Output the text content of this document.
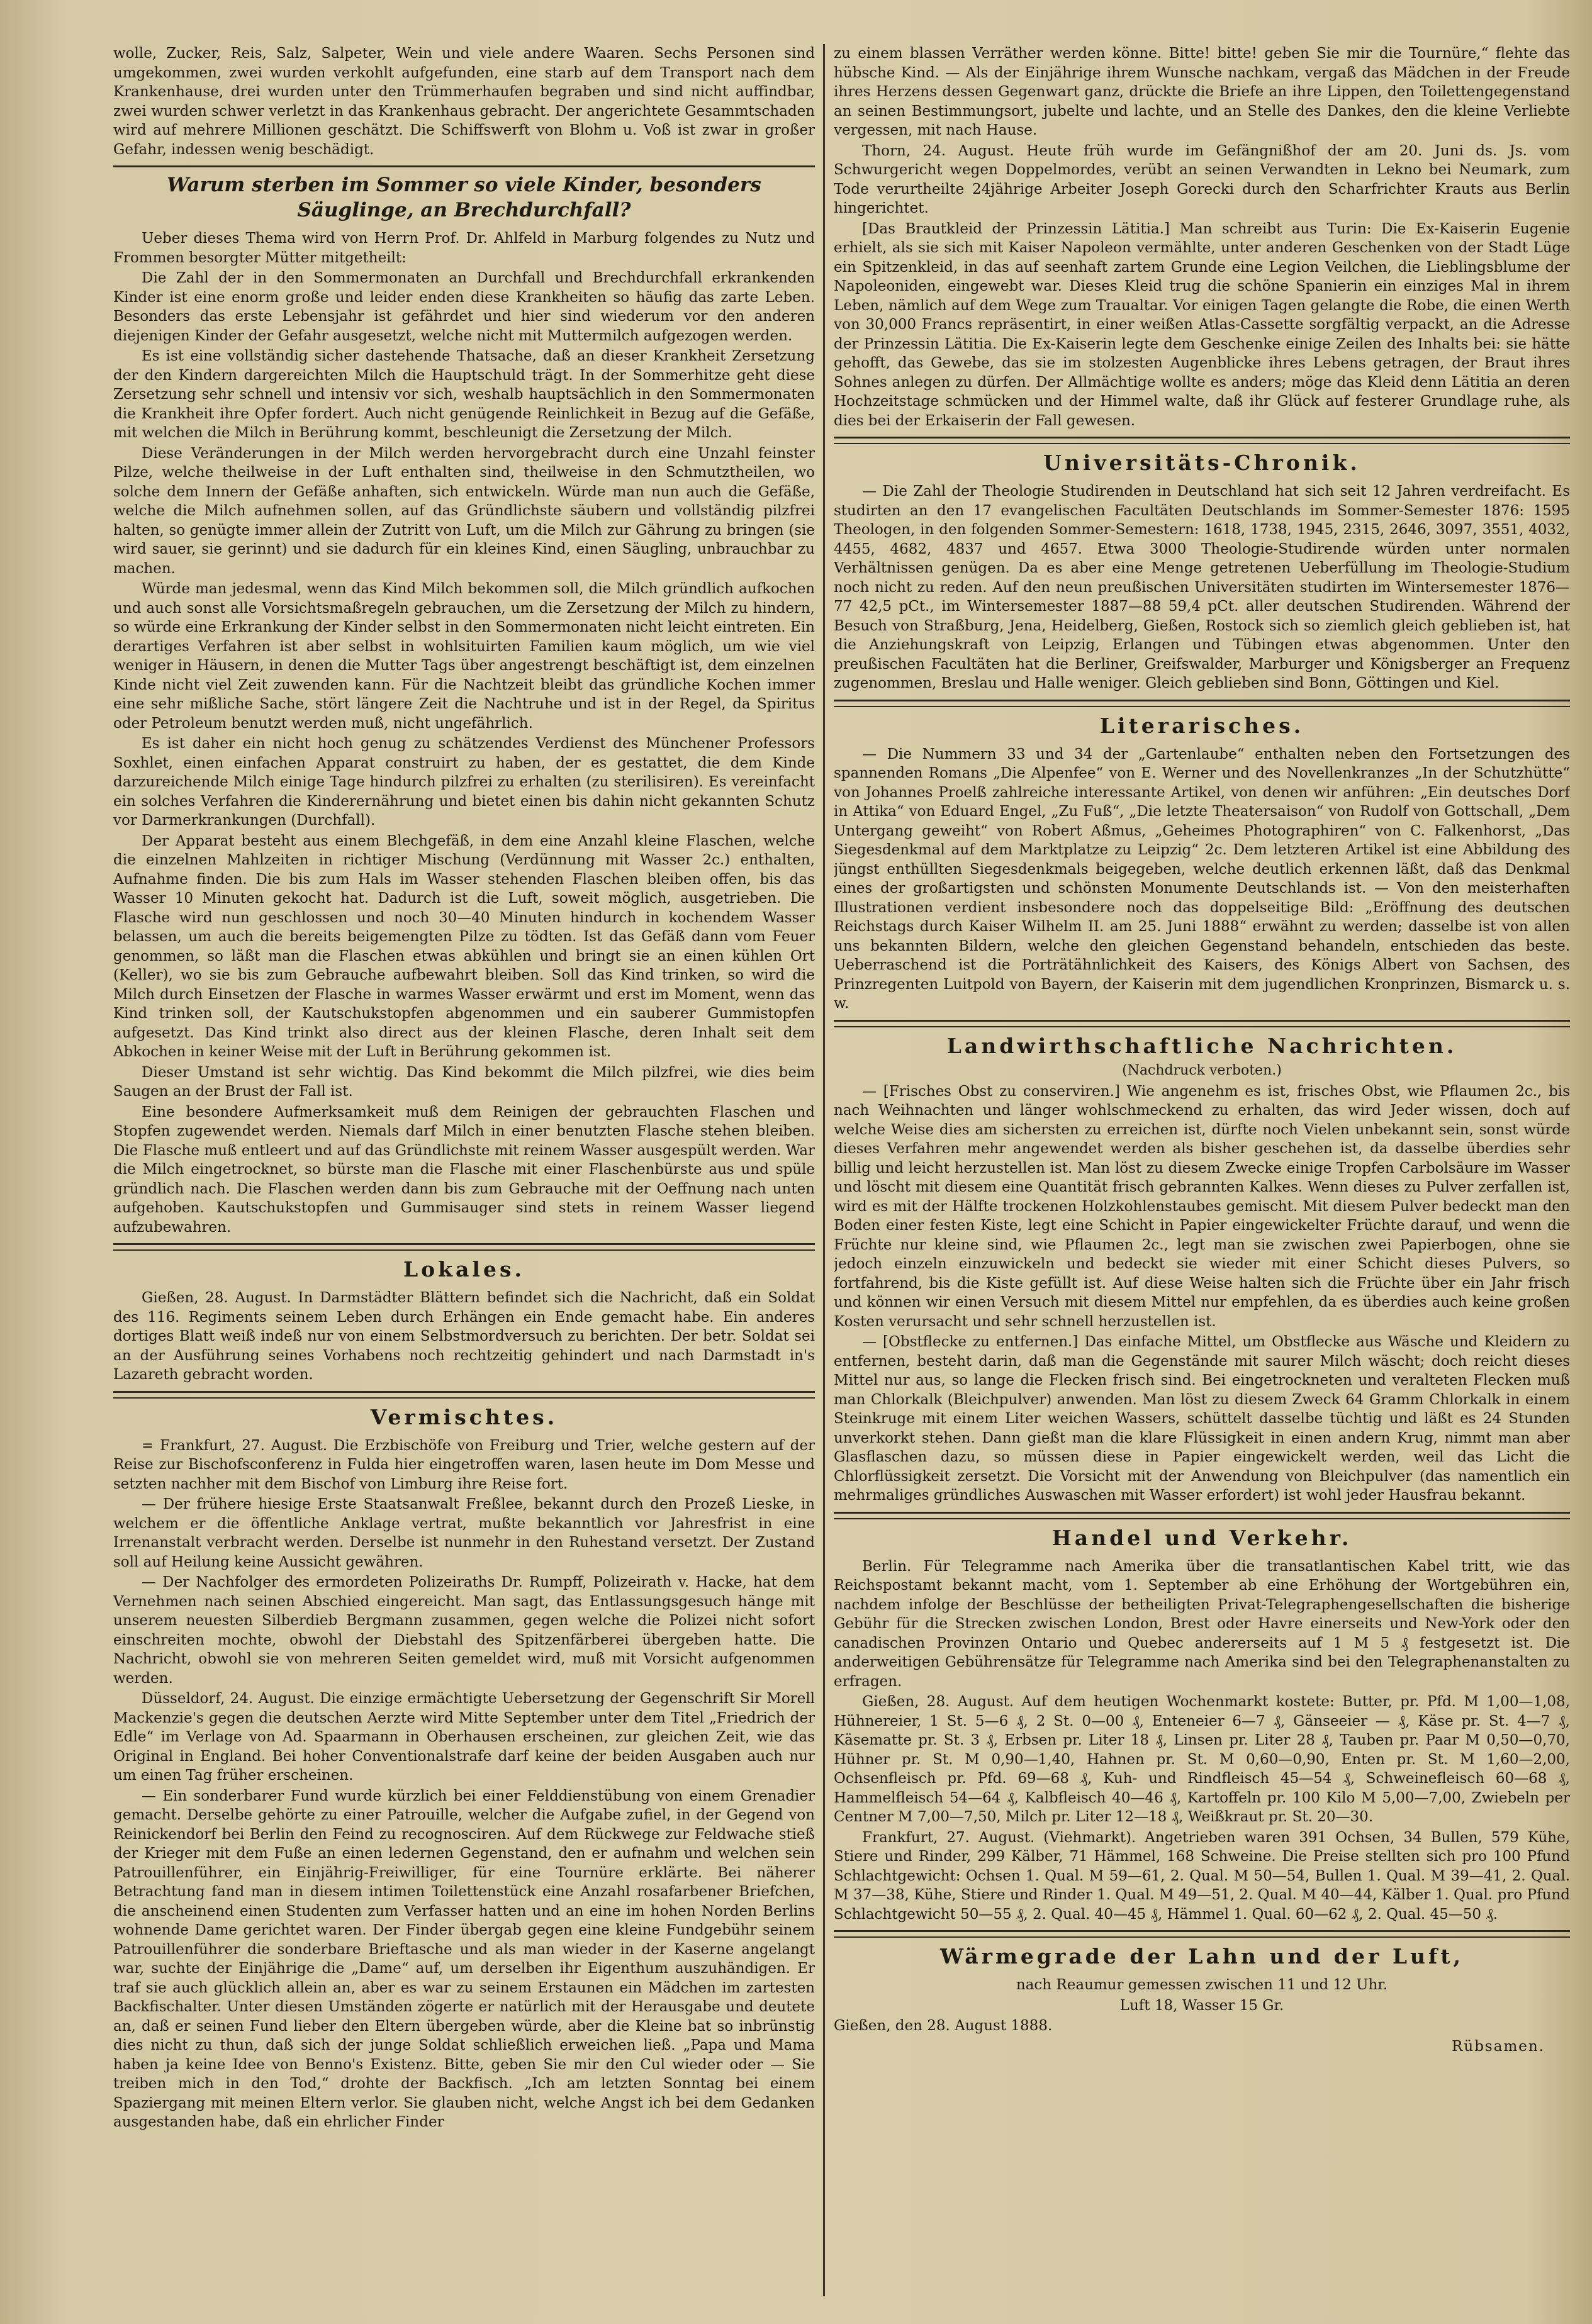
wolle, Zucker, Reis, Salz, Salpeter, Wein und viele andere Waaren. Sechs Personen sind umgekommen, zwei wurden verkohlt aufgefunden, eine starb auf dem Transport nach dem Krankenhause, drei wurden unter den Trümmerhaufen begraben und sind nicht auffindbar, zwei wurden schwer verletzt in das Krankenhaus gebracht. Der angerichtete Gesammtschaden wird auf mehrere Millionen geschätzt. Die Schiffswerft von Blohm u. Voß ist zwar in großer Gefahr, indessen wenig beschädigt.

Warum sterben im Sommer so viele Kinder, besonders Säuglinge, an Brechdurchfall?

Ueber dieses Thema wird von Herrn Prof. Dr. Ahlfeld in Marburg folgendes zu Nutz und Frommen besorgter Mütter mitgetheilt:

Die Zahl der in den Sommermonaten an Durchfall und Brechdurchfall erkrankenden Kinder ist eine enorm große und leider enden diese Krankheiten so häufig das zarte Leben. Besonders das erste Lebensjahr ist gefährdet und hier sind wiederum vor den anderen diejenigen Kinder der Gefahr ausgesetzt, welche nicht mit Muttermilch aufgezogen werden.

Es ist eine vollständig sicher dastehende Thatsache, daß an dieser Krankheit Zersetzung der den Kindern dargereichten Milch die Hauptschuld trägt. In der Sommerhitze geht diese Zersetzung sehr schnell und intensiv vor sich, weshalb hauptsächlich in den Sommermonaten die Krankheit ihre Opfer fordert. Auch nicht genügende Reinlichkeit in Bezug auf die Gefäße, mit welchen die Milch in Berührung kommt, beschleunigt die Zersetzung der Milch.

Diese Veränderungen in der Milch werden hervorgebracht durch eine Unzahl feinster Pilze, welche theilweise in der Luft enthalten sind, theilweise in den Schmutztheilen, wo solche dem Innern der Gefäße anhaften, sich entwickeln. Würde man nun auch die Gefäße, welche die Milch aufnehmen sollen, auf das Gründlichste säubern und vollständig pilzfrei halten, so genügte immer allein der Zutritt von Luft, um die Milch zur Gährung zu bringen (sie wird sauer, sie gerinnt) und sie dadurch für ein kleines Kind, einen Säugling, unbrauchbar zu machen.

Würde man jedesmal, wenn das Kind Milch bekommen soll, die Milch gründlich aufkochen und auch sonst alle Vorsichtsmaßregeln gebrauchen, um die Zersetzung der Milch zu hindern, so würde eine Erkrankung der Kinder selbst in den Sommermonaten nicht leicht eintreten. Ein derartiges Verfahren ist aber selbst in wohlsituirten Familien kaum möglich, um wie viel weniger in Häusern, in denen die Mutter Tags über angestrengt beschäftigt ist, dem einzelnen Kinde nicht viel Zeit zuwenden kann. Für die Nachtzeit bleibt das gründliche Kochen immer eine sehr mißliche Sache, stört längere Zeit die Nachtruhe und ist in der Regel, da Spiritus oder Petroleum benutzt werden muß, nicht ungefährlich.

Es ist daher ein nicht hoch genug zu schätzendes Verdienst des Münchener Professors Soxhlet, einen einfachen Apparat construirt zu haben, der es gestattet, die dem Kinde darzureichende Milch einige Tage hindurch pilzfrei zu erhalten (zu sterilisiren). Es vereinfacht ein solches Verfahren die Kinderernährung und bietet einen bis dahin nicht gekannten Schutz vor Darmerkrankungen (Durchfall).

Der Apparat besteht aus einem Blechgefäß, in dem eine Anzahl kleine Flaschen, welche die einzelnen Mahlzeiten in richtiger Mischung (Verdünnung mit Wasser 2c.) enthalten, Aufnahme finden. Die bis zum Hals im Wasser stehenden Flaschen bleiben offen, bis das Wasser 10 Minuten gekocht hat. Dadurch ist die Luft, soweit möglich, ausgetrieben. Die Flasche wird nun geschlossen und noch 30—40 Minuten hindurch in kochendem Wasser belassen, um auch die bereits beigemengten Pilze zu tödten. Ist das Gefäß dann vom Feuer genommen, so läßt man die Flaschen etwas abkühlen und bringt sie an einen kühlen Ort (Keller), wo sie bis zum Gebrauche aufbewahrt bleiben. Soll das Kind trinken, so wird die Milch durch Einsetzen der Flasche in warmes Wasser erwärmt und erst im Moment, wenn das Kind trinken soll, der Kautschukstopfen abgenommen und ein sauberer Gummistopfen aufgesetzt. Das Kind trinkt also direct aus der kleinen Flasche, deren Inhalt seit dem Abkochen in keiner Weise mit der Luft in Berührung gekommen ist.

Dieser Umstand ist sehr wichtig. Das Kind bekommt die Milch pilzfrei, wie dies beim Saugen an der Brust der Fall ist.

Eine besondere Aufmerksamkeit muß dem Reinigen der gebrauchten Flaschen und Stopfen zugewendet werden. Niemals darf Milch in einer benutzten Flasche stehen bleiben. Die Flasche muß entleert und auf das Gründlichste mit reinem Wasser ausgespült werden. War die Milch eingetrocknet, so bürste man die Flasche mit einer Flaschenbürste aus und spüle gründlich nach. Die Flaschen werden dann bis zum Gebrauche mit der Oeffnung nach unten aufgehoben. Kautschukstopfen und Gummisauger sind stets in reinem Wasser liegend aufzubewahren.

Lokales.

Gießen, 28. August. In Darmstädter Blättern befindet sich die Nachricht, daß ein Soldat des 116. Regiments seinem Leben durch Erhängen ein Ende gemacht habe. Ein anderes dortiges Blatt weiß indeß nur von einem Selbstmordversuch zu berichten. Der betr. Soldat sei an der Ausführung seines Vorhabens noch rechtzeitig gehindert und nach Darmstadt in's Lazareth gebracht worden.

Vermischtes.

= Frankfurt, 27. August. Die Erzbischöfe von Freiburg und Trier, welche gestern auf der Reise zur Bischofsconferenz in Fulda hier eingetroffen waren, lasen heute im Dom Messe und setzten nachher mit dem Bischof von Limburg ihre Reise fort.

— Der frühere hiesige Erste Staatsanwalt Freßlee, bekannt durch den Prozeß Lieske, in welchem er die öffentliche Anklage vertrat, mußte bekanntlich vor Jahresfrist in eine Irrenanstalt verbracht werden. Derselbe ist nunmehr in den Ruhestand versetzt. Der Zustand soll auf Heilung keine Aussicht gewähren.

— Der Nachfolger des ermordeten Polizeiraths Dr. Rumpff, Polizeirath v. Hacke, hat dem Vernehmen nach seinen Abschied eingereicht. Man sagt, das Entlassungsgesuch hänge mit unserem neuesten Silberdieb Bergmann zusammen, gegen welche die Polizei nicht sofort einschreiten mochte, obwohl der Diebstahl des Spitzenfärberei übergeben hatte. Die Nachricht, obwohl sie von mehreren Seiten gemeldet wird, muß mit Vorsicht aufgenommen werden.

Düsseldorf, 24. August. Die einzige ermächtigte Uebersetzung der Gegenschrift Sir Morell Mackenzie's gegen die deutschen Aerzte wird Mitte September unter dem Titel „Friedrich der Edle“ im Verlage von Ad. Spaarmann in Oberhausen erscheinen, zur gleichen Zeit, wie das Original in England. Bei hoher Conventionalstrafe darf keine der beiden Ausgaben auch nur um einen Tag früher erscheinen.

— Ein sonderbarer Fund wurde kürzlich bei einer Felddienstübung von einem Grenadier gemacht. Derselbe gehörte zu einer Patrouille, welcher die Aufgabe zufiel, in der Gegend von Reinickendorf bei Berlin den Feind zu recognosciren. Auf dem Rückwege zur Feldwache stieß der Krieger mit dem Fuße an einen ledernen Gegenstand, den er aufnahm und welchen sein Patrouillenführer, ein Einjährig-Freiwilliger, für eine Tournüre erklärte. Bei näherer Betrachtung fand man in diesem intimen Toilettenstück eine Anzahl rosafarbener Briefchen, die anscheinend einen Studenten zum Verfasser hatten und an eine im hohen Norden Berlins wohnende Dame gerichtet waren. Der Finder übergab gegen eine kleine Fundgebühr seinem Patrouillenführer die sonderbare Brieftasche und als man wieder in der Kaserne angelangt war, suchte der Einjährige die „Dame“ auf, um derselben ihr Eigenthum auszuhändigen. Er traf sie auch glücklich allein an, aber es war zu seinem Erstaunen ein Mädchen im zartesten Backfischalter. Unter diesen Umständen zögerte er natürlich mit der Herausgabe und deutete an, daß er seinen Fund lieber den Eltern übergeben würde, aber die Kleine bat so inbrünstig dies nicht zu thun, daß sich der junge Soldat schließlich erweichen ließ. „Papa und Mama haben ja keine Idee von Benno's Existenz. Bitte, geben Sie mir den Cul wieder oder — Sie treiben mich in den Tod,“ drohte der Backfisch. „Ich am letzten Sonntag bei einem Spaziergang mit meinen Eltern verlor. Sie glauben nicht, welche Angst ich bei dem Gedanken ausgestanden habe, daß ein ehrlicher Finder

zu einem blassen Verräther werden könne. Bitte! bitte! geben Sie mir die Tournüre,“ flehte das hübsche Kind. — Als der Einjährige ihrem Wunsche nachkam, vergaß das Mädchen in der Freude ihres Herzens dessen Gegenwart ganz, drückte die Briefe an ihre Lippen, den Toilettengegenstand an seinen Bestimmungsort, jubelte und lachte, und an Stelle des Dankes, den die kleine Verliebte vergessen, mit nach Hause.

Thorn, 24. August. Heute früh wurde im Gefängnißhof der am 20. Juni ds. Js. vom Schwurgericht wegen Doppelmordes, verübt an seinen Verwandten in Lekno bei Neumark, zum Tode verurtheilte 24jährige Arbeiter Joseph Gorecki durch den Scharfrichter Krauts aus Berlin hingerichtet.

[Das Brautkleid der Prinzessin Lätitia.] Man schreibt aus Turin: Die Ex-Kaiserin Eugenie erhielt, als sie sich mit Kaiser Napoleon vermählte, unter anderen Geschenken von der Stadt Lüge ein Spitzenkleid, in das auf seenhaft zartem Grunde eine Legion Veilchen, die Lieblingsblume der Napoleoniden, eingewebt war. Dieses Kleid trug die schöne Spanierin ein einziges Mal in ihrem Leben, nämlich auf dem Wege zum Traualtar. Vor einigen Tagen gelangte die Robe, die einen Werth von 30,000 Francs repräsentirt, in einer weißen Atlas-Cassette sorgfältig verpackt, an die Adresse der Prinzessin Lätitia. Die Ex-Kaiserin legte dem Geschenke einige Zeilen des Inhalts bei: sie hätte gehofft, das Gewebe, das sie im stolzesten Augenblicke ihres Lebens getragen, der Braut ihres Sohnes anlegen zu dürfen. Der Allmächtige wollte es anders; möge das Kleid denn Lätitia an deren Hochzeitstage schmücken und der Himmel walte, daß ihr Glück auf festerer Grundlage ruhe, als dies bei der Erkaiserin der Fall gewesen.

Universitäts-Chronik.

— Die Zahl der Theologie Studirenden in Deutschland hat sich seit 12 Jahren verdreifacht. Es studirten an den 17 evangelischen Facultäten Deutschlands im Sommer-Semester 1876: 1595 Theologen, in den folgenden Sommer-Semestern: 1618, 1738, 1945, 2315, 2646, 3097, 3551, 4032, 4455, 4682, 4837 und 4657. Etwa 3000 Theologie-Studirende würden unter normalen Verhältnissen genügen. Da es aber eine Menge getretenen Ueberfüllung im Theologie-Studium noch nicht zu reden. Auf den neun preußischen Universitäten studirten im Wintersemester 1876—77 42,5 pCt., im Wintersemester 1887—88 59,4 pCt. aller deutschen Studirenden. Während der Besuch von Straßburg, Jena, Heidelberg, Gießen, Rostock sich so ziemlich gleich geblieben ist, hat die Anziehungskraft von Leipzig, Erlangen und Tübingen etwas abgenommen. Unter den preußischen Facultäten hat die Berliner, Greifswalder, Marburger und Königsberger an Frequenz zugenommen, Breslau und Halle weniger. Gleich geblieben sind Bonn, Göttingen und Kiel.

Literarisches.

— Die Nummern 33 und 34 der „Gartenlaube“ enthalten neben den Fortsetzungen des spannenden Romans „Die Alpenfee“ von E. Werner und des Novellenkranzes „In der Schutzhütte“ von Johannes Proelß zahlreiche interessante Artikel, von denen wir anführen: „Ein deutsches Dorf in Attika“ von Eduard Engel, „Zu Fuß“, „Die letzte Theatersaison“ von Rudolf von Gottschall, „Dem Untergang geweiht“ von Robert Aßmus, „Geheimes Photographiren“ von C. Falkenhorst, „Das Siegesdenkmal auf dem Marktplatze zu Leipzig“ 2c. Dem letzteren Artikel ist eine Abbildung des jüngst enthüllten Siegesdenkmals beigegeben, welche deutlich erkennen läßt, daß das Denkmal eines der großartigsten und schönsten Monumente Deutschlands ist. — Von den meisterhaften Illustrationen verdient insbesondere noch das doppelseitige Bild: „Eröffnung des deutschen Reichstags durch Kaiser Wilhelm II. am 25. Juni 1888“ erwähnt zu werden; dasselbe ist von allen uns bekannten Bildern, welche den gleichen Gegenstand behandeln, entschieden das beste. Ueberraschend ist die Porträtähnlichkeit des Kaisers, des Königs Albert von Sachsen, des Prinzregenten Luitpold von Bayern, der Kaiserin mit dem jugendlichen Kronprinzen, Bismarck u. s. w.

Landwirthschaftliche Nachrichten.
(Nachdruck verboten.)

— [Frisches Obst zu conserviren.] Wie angenehm es ist, frisches Obst, wie Pflaumen 2c., bis nach Weihnachten und länger wohlschmeckend zu erhalten, das wird Jeder wissen, doch auf welche Weise dies am sichersten zu erreichen ist, dürfte noch Vielen unbekannt sein, sonst würde dieses Verfahren mehr angewendet werden als bisher geschehen ist, da dasselbe überdies sehr billig und leicht herzustellen ist. Man löst zu diesem Zwecke einige Tropfen Carbolsäure im Wasser und löscht mit diesem eine Quantität frisch gebrannten Kalkes. Wenn dieses zu Pulver zerfallen ist, wird es mit der Hälfte trockenen Holzkohlenstaubes gemischt. Mit diesem Pulver bedeckt man den Boden einer festen Kiste, legt eine Schicht in Papier eingewickelter Früchte darauf, und wenn die Früchte nur kleine sind, wie Pflaumen 2c., legt man sie zwischen zwei Papierbogen, ohne sie jedoch einzeln einzuwickeln und bedeckt sie wieder mit einer Schicht dieses Pulvers, so fortfahrend, bis die Kiste gefüllt ist. Auf diese Weise halten sich die Früchte über ein Jahr frisch und können wir einen Versuch mit diesem Mittel nur empfehlen, da es überdies auch keine großen Kosten verursacht und sehr schnell herzustellen ist.

— [Obstflecke zu entfernen.] Das einfache Mittel, um Obstflecke aus Wäsche und Kleidern zu entfernen, besteht darin, daß man die Gegenstände mit saurer Milch wäscht; doch reicht dieses Mittel nur aus, so lange die Flecken frisch sind. Bei eingetrockneten und veralteten Flecken muß man Chlorkalk (Bleichpulver) anwenden. Man löst zu diesem Zweck 64 Gramm Chlorkalk in einem Steinkruge mit einem Liter weichen Wassers, schüttelt dasselbe tüchtig und läßt es 24 Stunden unverkorkt stehen. Dann gießt man die klare Flüssigkeit in einen andern Krug, nimmt man aber Glasflaschen dazu, so müssen diese in Papier eingewickelt werden, weil das Licht die Chlorflüssigkeit zersetzt. Die Vorsicht mit der Anwendung von Bleichpulver (das namentlich ein mehrmaliges gründliches Auswaschen mit Wasser erfordert) ist wohl jeder Hausfrau bekannt.

Handel und Verkehr.

Berlin. Für Telegramme nach Amerika über die transatlantischen Kabel tritt, wie das Reichspostamt bekannt macht, vom 1. September ab eine Erhöhung der Wortgebühren ein, nachdem infolge der Beschlüsse der betheiligten Privat-Telegraphengesellschaften die bisherige Gebühr für die Strecken zwischen London, Brest oder Havre einerseits und New-York oder den canadischen Provinzen Ontario und Quebec andererseits auf 1 M 5 ₰ festgesetzt ist. Die anderweitigen Gebührensätze für Telegramme nach Amerika sind bei den Telegraphenanstalten zu erfragen.

Gießen, 28. August. Auf dem heutigen Wochenmarkt kostete: Butter, pr. Pfd. M 1,00—1,08, Hühnereier, 1 St. 5—6 ₰, 2 St. 0—00 ₰, Enteneier 6—7 ₰, Gänseeier — ₰, Käse pr. St. 4—7 ₰, Käsematte pr. St. 3 ₰, Erbsen pr. Liter 18 ₰, Linsen pr. Liter 28 ₰, Tauben pr. Paar M 0,50—0,70, Hühner pr. St. M 0,90—1,40, Hahnen pr. St. M 0,60—0,90, Enten pr. St. M 1,60—2,00, Ochsenfleisch pr. Pfd. 69—68 ₰, Kuh- und Rindfleisch 45—54 ₰, Schweinefleisch 60—68 ₰, Hammelfleisch 54—64 ₰, Kalbfleisch 40—46 ₰, Kartoffeln pr. 100 Kilo M 5,00—7,00, Zwiebeln per Centner M 7,00—7,50, Milch pr. Liter 12—18 ₰, Weißkraut pr. St. 20—30.

Frankfurt, 27. August. (Viehmarkt). Angetrieben waren 391 Ochsen, 34 Bullen, 579 Kühe, Stiere und Rinder, 299 Kälber, 71 Hämmel, 168 Schweine. Die Preise stellten sich pro 100 Pfund Schlachtgewicht: Ochsen 1. Qual. M 59—61, 2. Qual. M 50—54, Bullen 1. Qual. M 39—41, 2. Qual. M 37—38, Kühe, Stiere und Rinder 1. Qual. M 49—51, 2. Qual. M 40—44, Kälber 1. Qual. pro Pfund Schlachtgewicht 50—55 ₰, 2. Qual. 40—45 ₰, Hämmel 1. Qual. 60—62 ₰, 2. Qual. 45—50 ₰.

Wärmegrade der Lahn und der Luft,

nach Reaumur gemessen zwischen 11 und 12 Uhr.

Luft 18, Wasser 15 Gr.

Gießen, den 28. August 1888.

Rübsamen.
